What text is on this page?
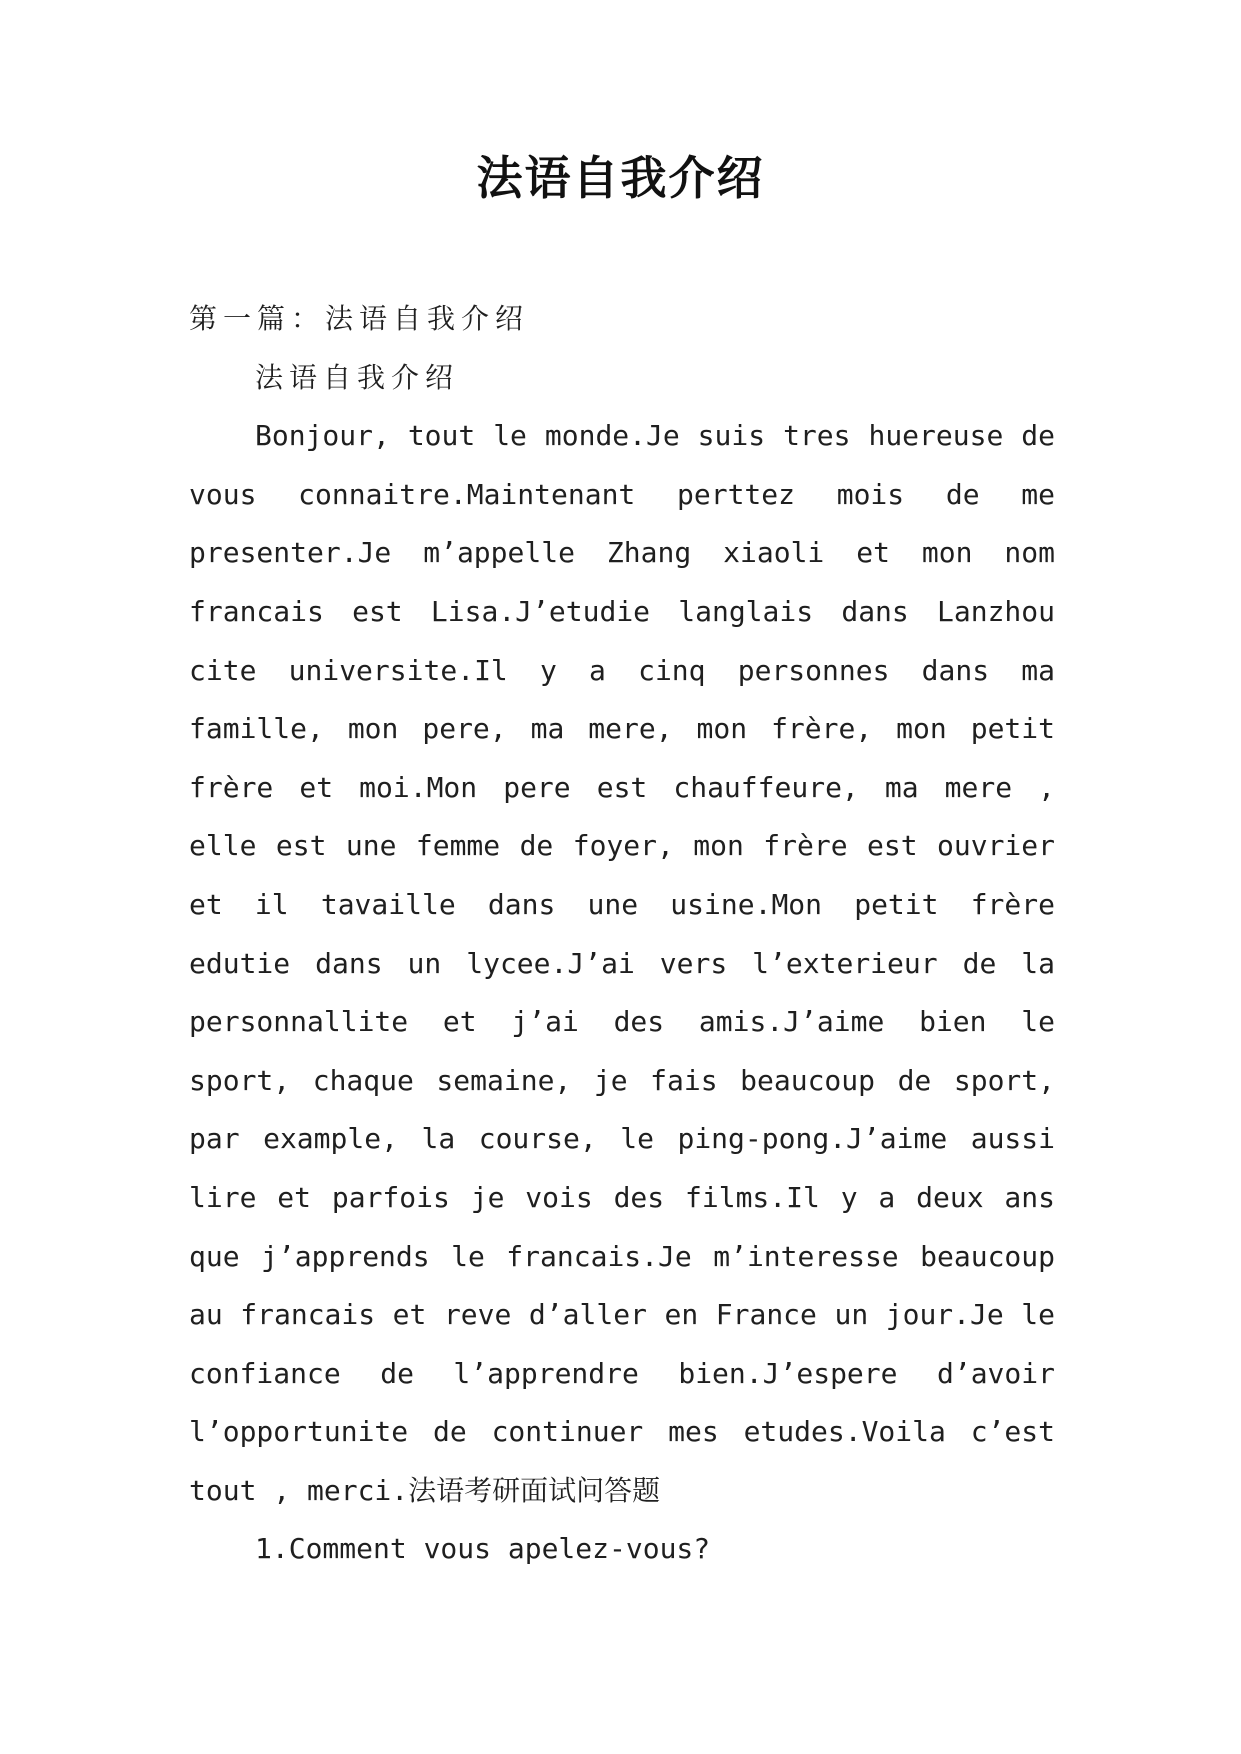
法语自我介绍

第一篇：法语自我介绍

法语自我介绍

Bonjour, tout le monde.Je suis tres huereuse de vous connaitre.Maintenant perttez mois de me presenter.Je m’appelle Zhang xiaoli et mon nom francais est Lisa.J’etudie langlais dans Lanzhou cite universite.Il y a cinq personnes dans ma famille, mon pere, ma mere, mon frère, mon petit frère et moi.Mon pere est chauffeure, ma mere , elle est une femme de foyer, mon frère est ouvrier et il tavaille dans une usine.Mon petit frère edutie dans un lycee.J’ai vers l’exterieur de la personnallite et j’ai des amis.J’aime bien le sport, chaque semaine, je fais beaucoup de sport, par example, la course, le ping-pong.J’aime aussi lire et parfois je vois des films.Il y a deux ans que j’apprends le francais.Je m’interesse beaucoup au francais et reve d’aller en France un jour.Je le confiance de l’apprendre bien.J’espere d’avoir l’opportunite de continuer mes etudes.Voila c’est tout , merci.法语考研面试问答题

1.Comment vous apelez-vous?
